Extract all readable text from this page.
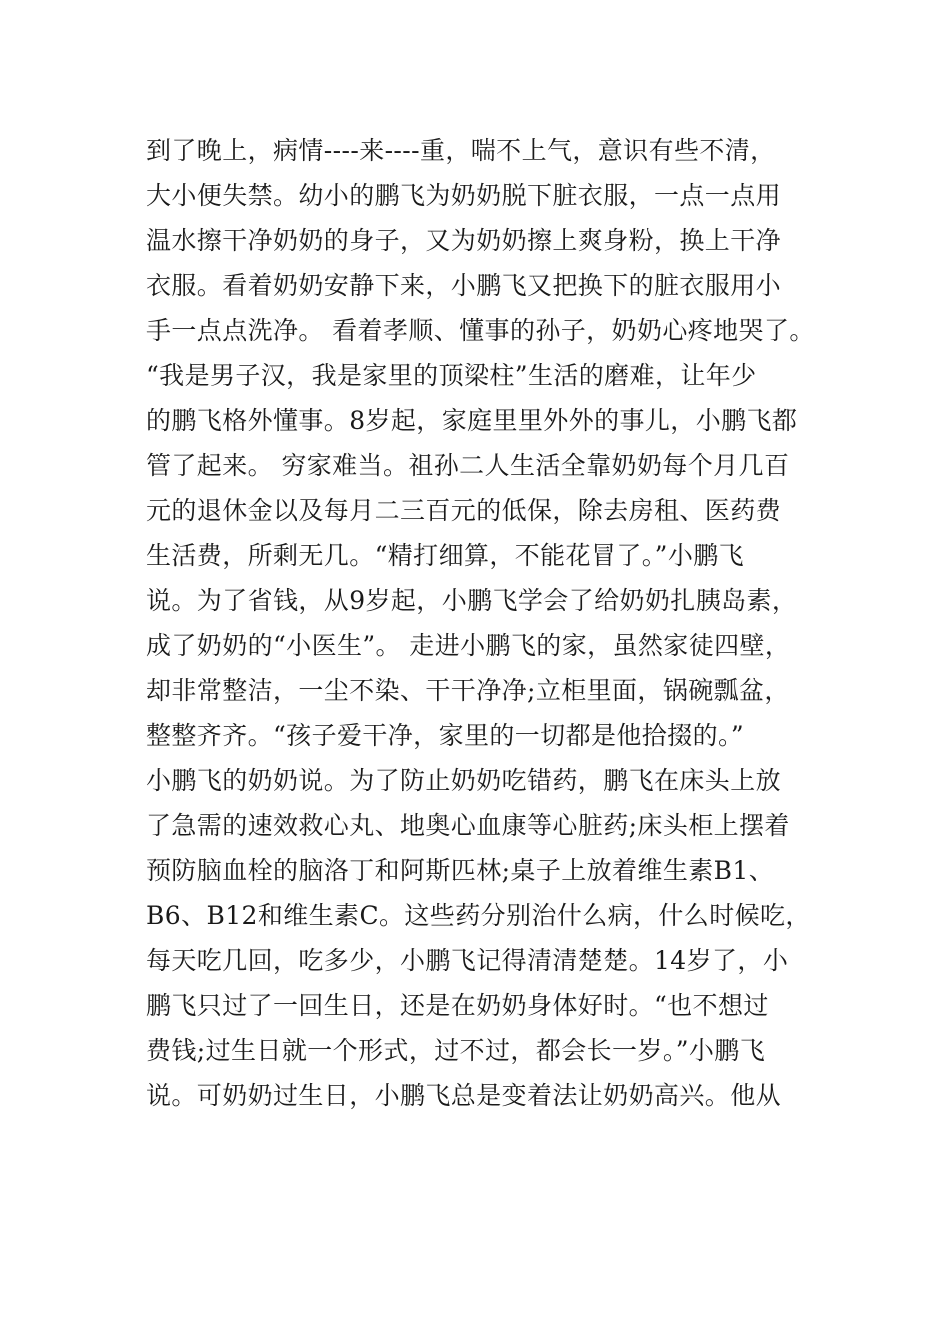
到了晚上，病情----来----重，喘不上气，意识有些不清，
大小便失禁。幼小的鹏飞为奶奶脱下脏衣服，一点一点用
温水擦干净奶奶的身子，又为奶奶擦上爽身粉，换上干净
衣服。看着奶奶安静下来，小鹏飞又把换下的脏衣服用小
手一点点洗净。 看着孝顺、懂事的孙子，奶奶心疼地哭了。
“我是男子汉，我是家里的顶梁柱”生活的磨难，让年少
的鹏飞格外懂事。8岁起，家庭里里外外的事儿，小鹏飞都
管了起来。 穷家难当。祖孙二人生活全靠奶奶每个月几百
元的退休金以及每月二三百元的低保，除去房租、医药费
生活费，所剩无几。“精打细算，不能花冒了。”小鹏飞
说。为了省钱，从9岁起，小鹏飞学会了给奶奶扎胰岛素，
成了奶奶的“小医生”。 走进小鹏飞的家，虽然家徒四壁，
却非常整洁，一尘不染、干干净净;立柜里面，锅碗瓢盆，
整整齐齐。“孩子爱干净，家里的一切都是他拾掇的。”
小鹏飞的奶奶说。为了防止奶奶吃错药，鹏飞在床头上放
了急需的速效救心丸、地奥心血康等心脏药;床头柜上摆着
预防脑血栓的脑洛丁和阿斯匹林;桌子上放着维生素B1、
B6、B12和维生素C。这些药分别治什么病，什么时候吃，
每天吃几回，吃多少，小鹏飞记得清清楚楚。14岁了，小
鹏飞只过了一回生日，还是在奶奶身体好时。“也不想过
费钱;过生日就一个形式，过不过，都会长一岁。”小鹏飞
说。可奶奶过生日，小鹏飞总是变着法让奶奶高兴。他从
